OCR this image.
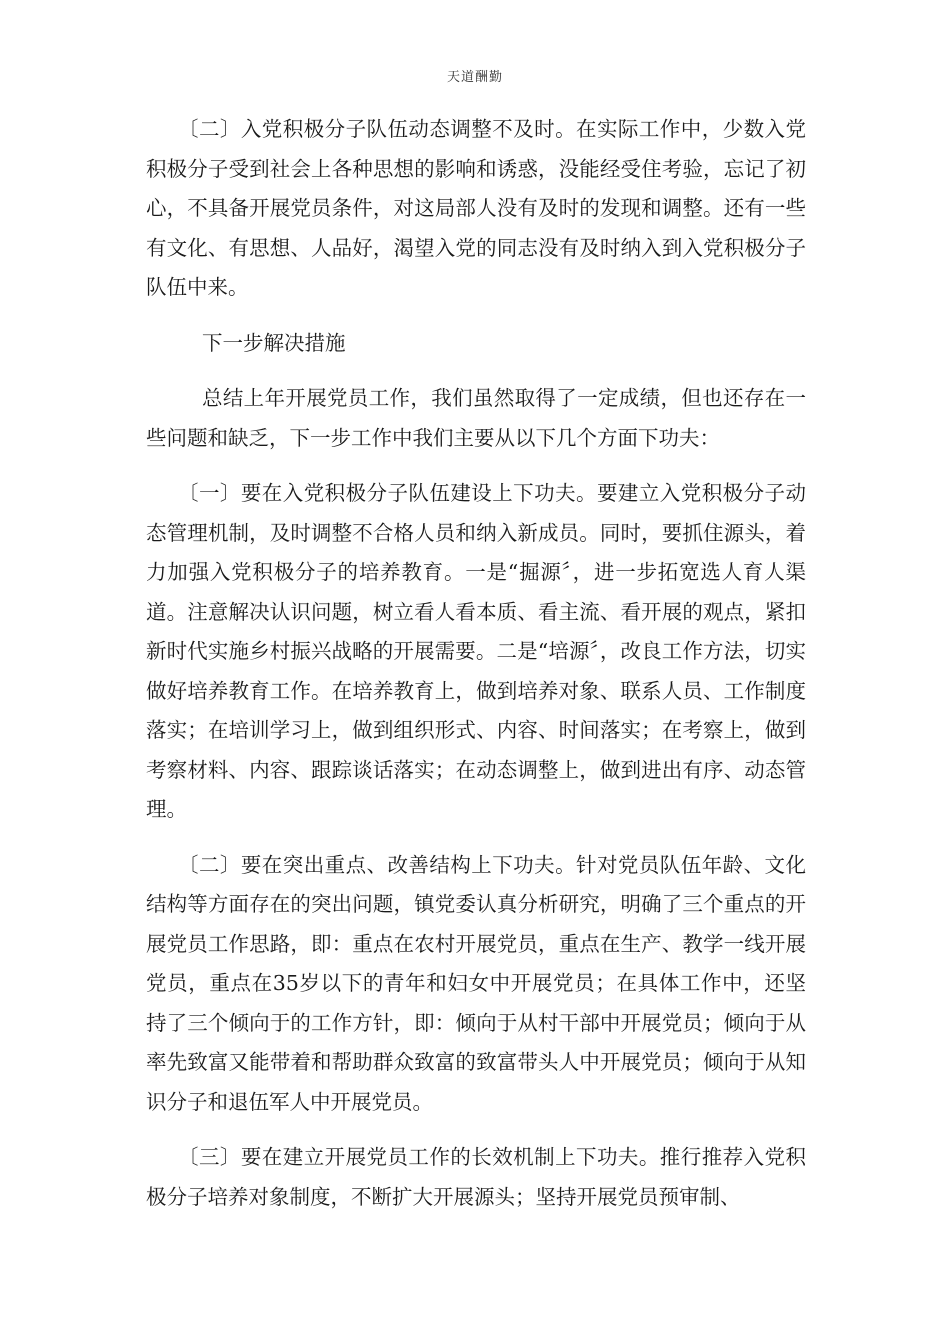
天道酬勤

〔二〕入党积极分子队伍动态调整不及时。在实际工作中，少数入党积极分子受到社会上各种思想的影响和诱惑，没能经受住考验，忘记了初心，不具备开展党员条件，对这局部人没有及时的发现和调整。还有一些有文化、有思想、人品好，渴望入党的同志没有及时纳入到入党积极分子队伍中来。

下一步解决措施

总结上年开展党员工作，我们虽然取得了一定成绩，但也还存在一些问题和缺乏，下一步工作中我们主要从以下几个方面下功夫：

〔一〕要在入党积极分子队伍建设上下功夫。要建立入党积极分子动态管理机制，及时调整不合格人员和纳入新成员。同时，要抓住源头，着力加强入党积极分子的培养教育。一是“掘源〞，进一步拓宽选人育人渠道。注意解决认识问题，树立看人看本质、看主流、看开展的观点，紧扣新时代实施乡村振兴战略的开展需要。二是“培源〞，改良工作方法，切实做好培养教育工作。在培养教育上，做到培养对象、联系人员、工作制度落实；在培训学习上，做到组织形式、内容、时间落实；在考察上，做到考察材料、内容、跟踪谈话落实；在动态调整上，做到进出有序、动态管理。

〔二〕要在突出重点、改善结构上下功夫。针对党员队伍年龄、文化结构等方面存在的突出问题，镇党委认真分析研究，明确了三个重点的开展党员工作思路，即：重点在农村开展党员，重点在生产、教学一线开展党员，重点在35岁以下的青年和妇女中开展党员；在具体工作中，还坚持了三个倾向于的工作方针，即：倾向于从村干部中开展党员；倾向于从率先致富又能带着和帮助群众致富的致富带头人中开展党员；倾向于从知识分子和退伍军人中开展党员。

〔三〕要在建立开展党员工作的长效机制上下功夫。推行推荐入党积极分子培养对象制度，不断扩大开展源头；坚持开展党员预审制、
